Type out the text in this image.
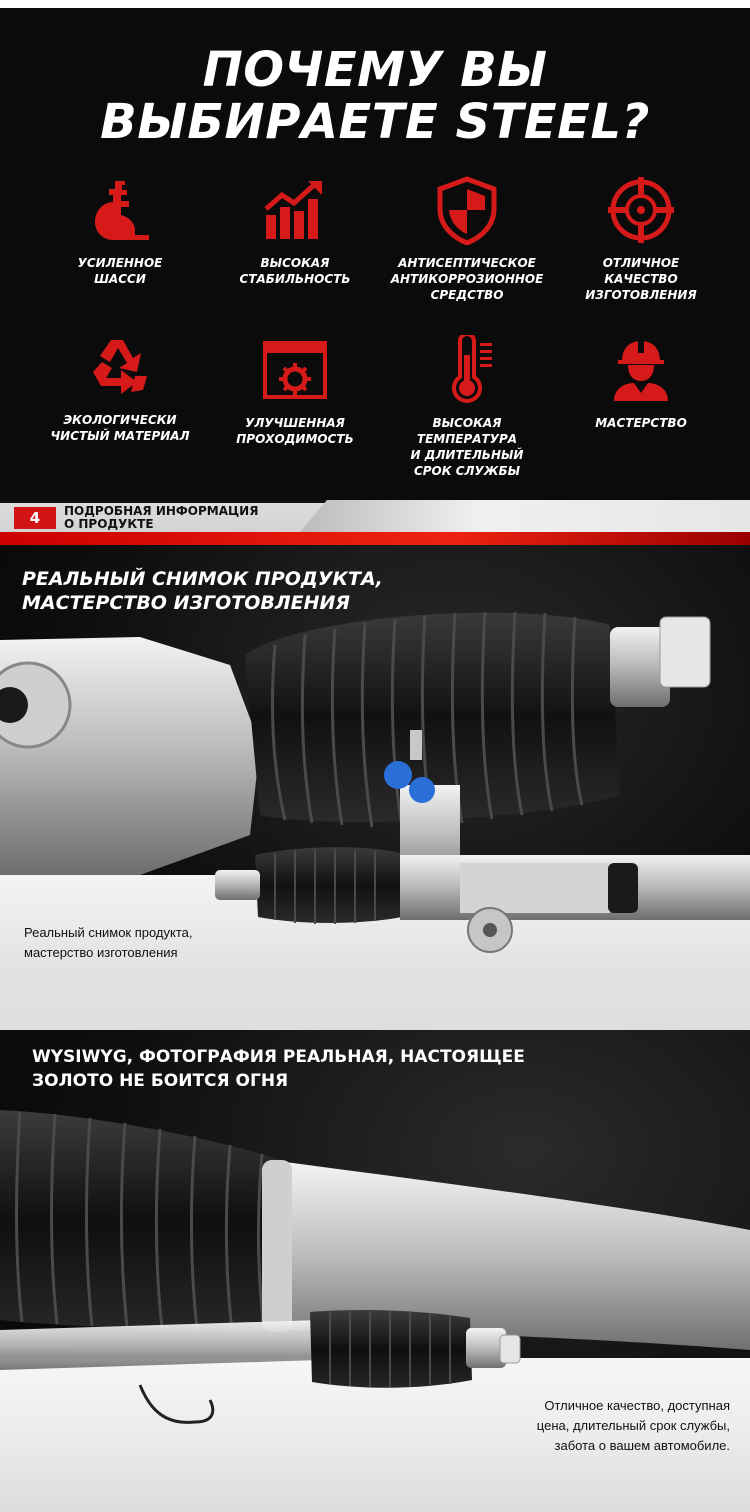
ПОЧЕМУ ВЫ
ВЫБИРАЕТЕ STEEL?
УСИЛЕННОЕ
ШАССИ
ВЫСОКАЯ
СТАБИЛЬНОСТЬ
АНТИСЕПТИЧЕСКОЕ
АНТИКОРРОЗИОННОЕ
СРЕДСТВО
ОТЛИЧНОЕ
КАЧЕСТВО
ИЗГОТОВЛЕНИЯ
ЭКОЛОГИЧЕСКИ
ЧИСТЫЙ МАТЕРИАЛ
УЛУЧШЕННАЯ
ПРОХОДИМОСТЬ
ВЫСОКАЯ ТЕМПЕРАТУРА
И ДЛИТЕЛЬНЫЙ
СРОК СЛУЖБЫ
МАСТЕРСТВО
4	ПОДРОБНАЯ ИНФОРМАЦИЯ
О ПРОДУКТЕ
РЕАЛЬНЫЙ СНИМОК ПРОДУКТА,
МАСТЕРСТВО ИЗГОТОВЛЕНИЯ
Реальный снимок продукта,
мастерство изготовления
WYSIWYG, ФОТОГРАФИЯ РЕАЛЬНАЯ, НАСТОЯЩЕЕ
ЗОЛОТО НЕ БОИТСЯ ОГНЯ
Отличное качество, доступная
цена, длительный срок службы,
забота о вашем автомобиле.
